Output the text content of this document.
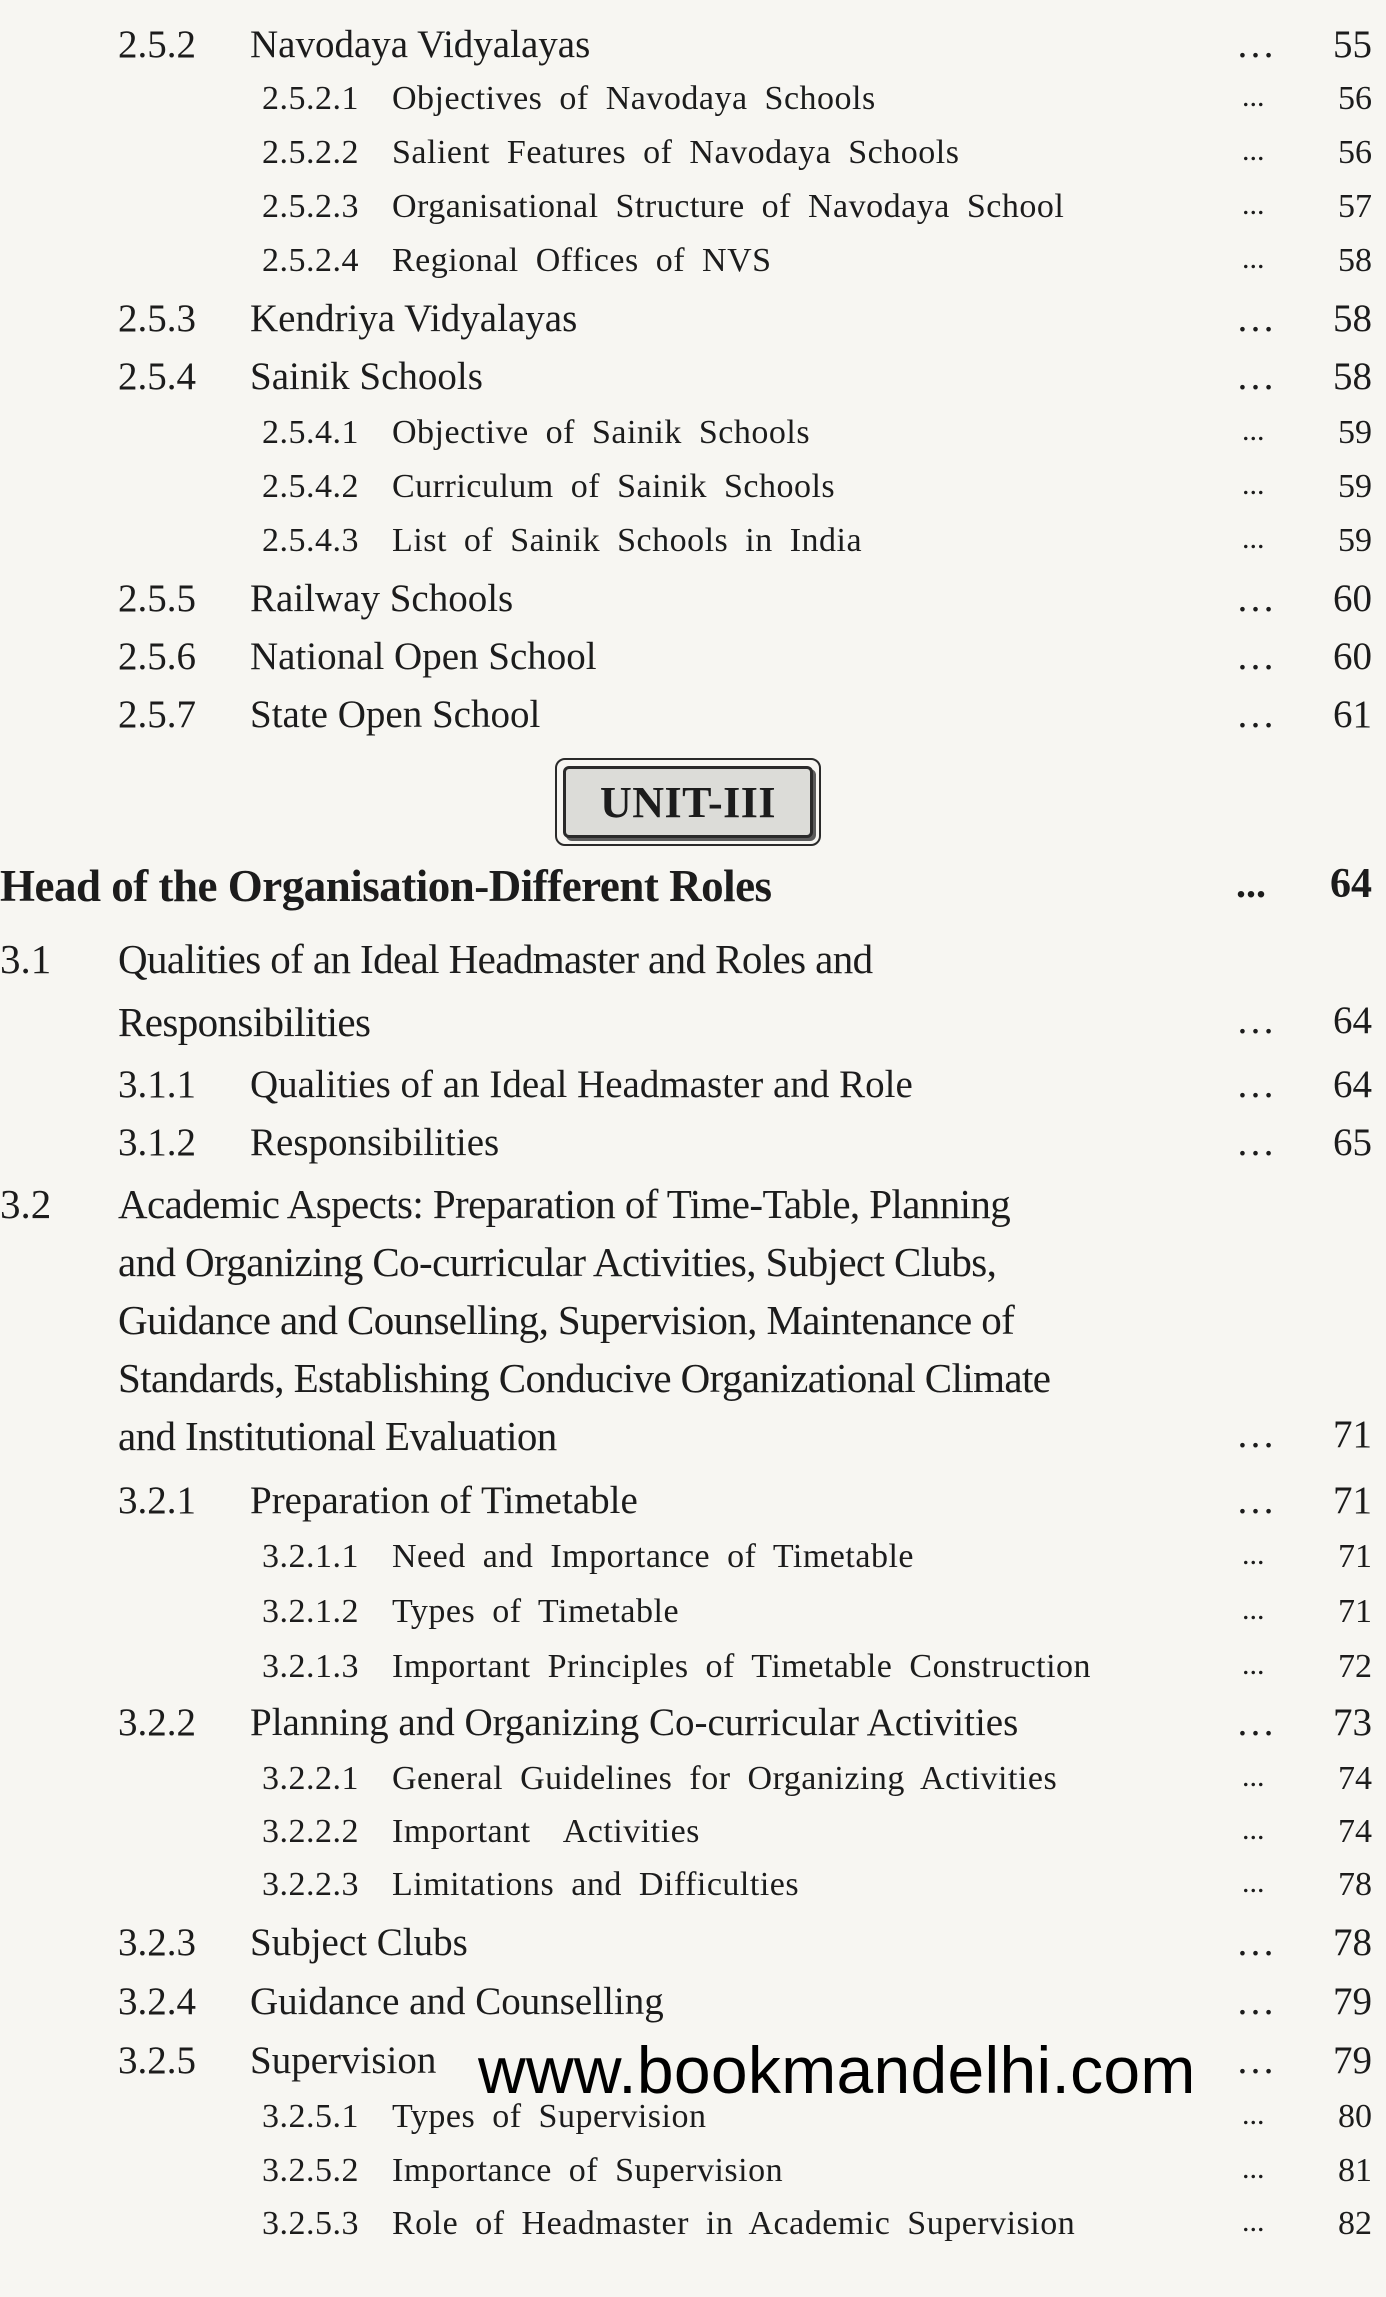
2.5.2 Navodaya Vidyalayas	… 55
2.5.2.1 Objectives of Navodaya Schools	... 56
2.5.2.2 Salient Features of Navodaya Schools	... 56
2.5.2.3 Organisational Structure of Navodaya School	... 57
2.5.2.4 Regional Offices of NVS	... 58
2.5.3 Kendriya Vidyalayas	… 58
2.5.4 Sainik Schools	… 58
2.5.4.1 Objective of Sainik Schools	... 59
2.5.4.2 Curriculum of Sainik Schools	... 59
2.5.4.3 List of Sainik Schools in India	... 59
2.5.5 Railway Schools	… 60
2.5.6 National Open School	… 60
2.5.7 State Open School	… 61
UNIT-III
Head of the Organisation-Different Roles	... 64
3.1 Qualities of an Ideal Headmaster and Roles and
Responsibilities	… 64
3.1.1 Qualities of an Ideal Headmaster and Role	… 64
3.1.2 Responsibilities	… 65
3.2 Academic Aspects: Preparation of Time-Table, Planning
and Organizing Co-curricular Activities, Subject Clubs,
Guidance and Counselling, Supervision, Maintenance of
Standards, Establishing Conducive Organizational Climate
and Institutional Evaluation	… 71
3.2.1 Preparation of Timetable	… 71
3.2.1.1 Need and Importance of Timetable	... 71
3.2.1.2 Types of Timetable	... 71
3.2.1.3 Important Principles of Timetable Construction	... 72
3.2.2 Planning and Organizing Co-curricular Activities	… 73
3.2.2.1 General Guidelines for Organizing Activities	... 74
3.2.2.2 Important  Activities	... 74
3.2.2.3 Limitations and Difficulties	... 78
3.2.3 Subject Clubs	… 78
3.2.4 Guidance and Counselling	… 79
3.2.5 Supervision	… 79
3.2.5.1 Types of Supervision	... 80
3.2.5.2 Importance of Supervision	... 81
3.2.5.3 Role of Headmaster in Academic Supervision	... 82
www.bookmandelhi.com
